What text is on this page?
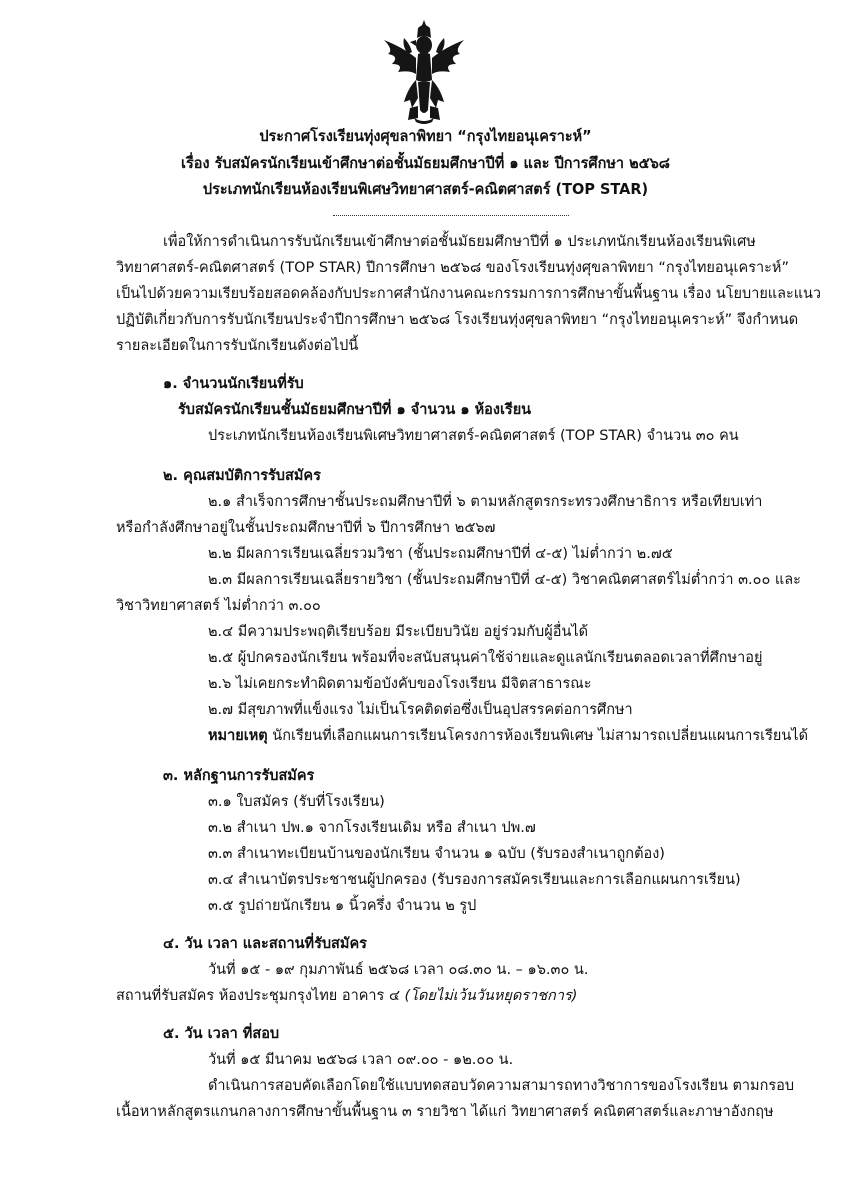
ประกาศโรงเรียนทุ่งศุขลาพิทยา “กรุงไทยอนุเคราะห์”
เรื่อง รับสมัครนักเรียนเข้าศึกษาต่อชั้นมัธยมศึกษาปีที่ ๑ และ ปีการศึกษา ๒๕๖๘
ประเภทนักเรียนห้องเรียนพิเศษวิทยาศาสตร์-คณิตศาสตร์ (TOP STAR)
เพื่อให้การดำเนินการรับนักเรียนเข้าศึกษาต่อชั้นมัธยมศึกษาปีที่ ๑ ประเภทนักเรียนห้องเรียนพิเศษ
วิทยาศาสตร์-คณิตศาสตร์ (TOP STAR) ปีการศึกษา ๒๕๖๘ ของโรงเรียนทุ่งศุขลาพิทยา “กรุงไทยอนุเคราะห์”
เป็นไปด้วยความเรียบร้อยสอดคล้องกับประกาศสำนักงานคณะกรรมการการศึกษาขั้นพื้นฐาน เรื่อง นโยบายและแนว
ปฏิบัติเกี่ยวกับการรับนักเรียนประจำปีการศึกษา ๒๕๖๘ โรงเรียนทุ่งศุขลาพิทยา “กรุงไทยอนุเคราะห์” จึงกำหนด
รายละเอียดในการรับนักเรียนดังต่อไปนี้
๑. จำนวนนักเรียนที่รับ
รับสมัครนักเรียนชั้นมัธยมศึกษาปีที่ ๑ จำนวน ๑ ห้องเรียน
ประเภทนักเรียนห้องเรียนพิเศษวิทยาศาสตร์-คณิตศาสตร์ (TOP STAR) จำนวน ๓๐ คน
๒. คุณสมบัติการรับสมัคร
๒.๑ สำเร็จการศึกษาชั้นประถมศึกษาปีที่ ๖ ตามหลักสูตรกระทรวงศึกษาธิการ หรือเทียบเท่า
หรือกำลังศึกษาอยู่ในชั้นประถมศึกษาปีที่ ๖ ปีการศึกษา ๒๕๖๗
๒.๒ มีผลการเรียนเฉลี่ยรวมวิชา (ชั้นประถมศึกษาปีที่ ๔-๕) ไม่ต่ำกว่า ๒.๗๕
๒.๓ มีผลการเรียนเฉลี่ยรายวิชา (ชั้นประถมศึกษาปีที่ ๔-๕) วิชาคณิตศาสตร์ไม่ต่ำกว่า ๓.๐๐ และ
วิชาวิทยาศาสตร์ ไม่ต่ำกว่า ๓.๐๐
๒.๔ มีความประพฤติเรียบร้อย มีระเบียบวินัย อยู่ร่วมกับผู้อื่นได้
๒.๕ ผู้ปกครองนักเรียน พร้อมที่จะสนับสนุนค่าใช้จ่ายและดูแลนักเรียนตลอดเวลาที่ศึกษาอยู่
๒.๖ ไม่เคยกระทำผิดตามข้อบังคับของโรงเรียน มีจิตสาธารณะ
๒.๗ มีสุขภาพที่แข็งแรง ไม่เป็นโรคติดต่อซึ่งเป็นอุปสรรคต่อการศึกษา
หมายเหตุ นักเรียนที่เลือกแผนการเรียนโครงการห้องเรียนพิเศษ ไม่สามารถเปลี่ยนแผนการเรียนได้
๓. หลักฐานการรับสมัคร
๓.๑ ใบสมัคร (รับที่โรงเรียน)
๓.๒ สำเนา ปพ.๑ จากโรงเรียนเดิม หรือ สำเนา ปพ.๗
๓.๓ สำเนาทะเบียนบ้านของนักเรียน จำนวน ๑ ฉบับ (รับรองสำเนาถูกต้อง)
๓.๔ สำเนาบัตรประชาชนผู้ปกครอง (รับรองการสมัครเรียนและการเลือกแผนการเรียน)
๓.๕ รูปถ่ายนักเรียน ๑ นิ้วครึ่ง จำนวน ๒ รูป
๔. วัน เวลา และสถานที่รับสมัคร
วันที่ ๑๕ - ๑๙ กุมภาพันธ์ ๒๕๖๘ เวลา ๐๘.๓๐ น. – ๑๖.๓๐ น.
สถานที่รับสมัคร ห้องประชุมกรุงไทย อาคาร ๔ (โดยไม่เว้นวันหยุดราชการ)
๕. วัน เวลา ที่สอบ
วันที่ ๑๕ มีนาคม ๒๕๖๘ เวลา ๐๙.๐๐ - ๑๒.๐๐ น.
ดำเนินการสอบคัดเลือกโดยใช้แบบทดสอบวัดความสามารถทางวิชาการของโรงเรียน ตามกรอบ
เนื้อหาหลักสูตรแกนกลางการศึกษาขั้นพื้นฐาน ๓ รายวิชา ได้แก่ วิทยาศาสตร์ คณิตศาสตร์และภาษาอังกฤษ
